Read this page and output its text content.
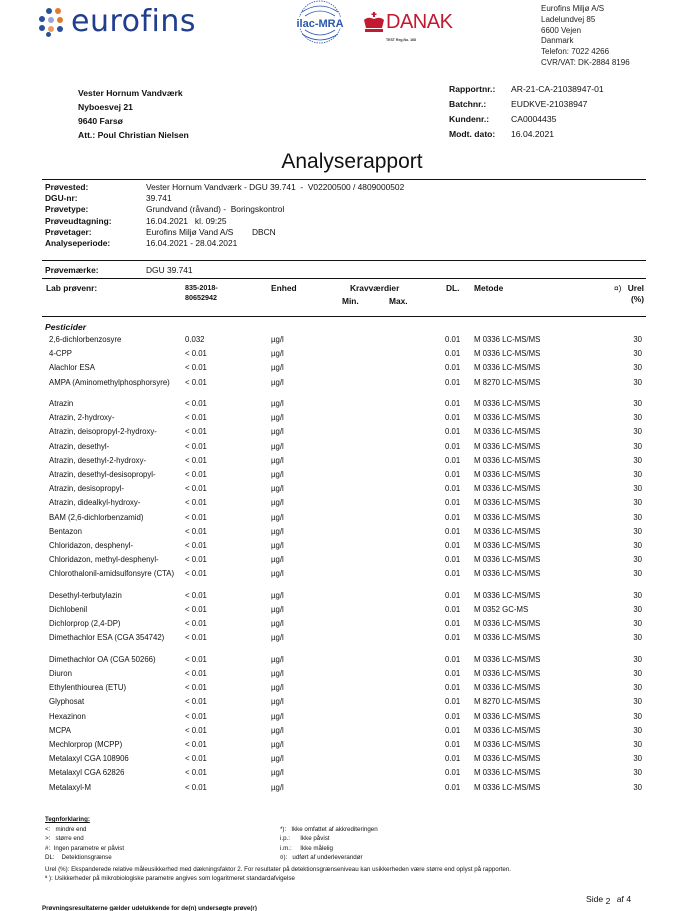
eurofins	ilac-MRA DANAK
TEST Reg.No. 168
Eurofins Miljø A/S
Ladelundvej 85
6600 Vejen
Danmark
Telefon: 7022 4266
CVR/VAT: DK-2884 8196
Vester Hornum Vandværk
Nyboesvej 21
9640 Farsø
Att.: Poul Christian Nielsen
Rapportnr.:	AR-21-CA-21038947-01
Batchnr.:	EUDKVE-21038947
Kundenr.:	CA0004435
Modt. dato:	16.04.2021
Analyserapport
Prøvested:	Vester Hornum Vandværk - DGU 39.741  -  V02200500 / 4809000502
DGU-nr:	39.741
Prøvetype:	Grundvand (råvand) -  Boringskontrol
Prøveudtagning:	16.04.2021   kl. 09:25
Prøvetager:	Eurofins Miljø Vand A/S        DBCN
Analyseperiode:	16.04.2021 - 28.04.2021
Prøvemærke:	DGU 39.741
Lab prøvenr:	835-2018-
80652942
Enhed	Kravværdier
Min.	Max.
DL. Metode	¤) Urel
(%)
Pesticider
2,6-dichlorbenzosyre	0.032	µg/l	0.01 M 0336 LC-MS/MS	30
4-CPP	< 0.01	µg/l	0.01 M 0336 LC-MS/MS	30
Alachlor ESA	< 0.01	µg/l	0.01 M 0336 LC-MS/MS	30
AMPA (Aminomethylphosphorsyre)	< 0.01	µg/l	0.01 M 8270 LC-MS/MS	30
Atrazin	< 0.01	µg/l	0.01 M 0336 LC-MS/MS	30
Atrazin, 2-hydroxy-	< 0.01	µg/l	0.01 M 0336 LC-MS/MS	30
Atrazin, deisopropyl-2-hydroxy-	< 0.01	µg/l	0.01 M 0336 LC-MS/MS	30
Atrazin, desethyl-	< 0.01	µg/l	0.01 M 0336 LC-MS/MS	30
Atrazin, desethyl-2-hydroxy-	< 0.01	µg/l	0.01 M 0336 LC-MS/MS	30
Atrazin, desethyl-desisopropyl-	< 0.01	µg/l	0.01 M 0336 LC-MS/MS	30
Atrazin, desisopropyl-	< 0.01	µg/l	0.01 M 0336 LC-MS/MS	30
Atrazin, didealkyl-hydroxy-	< 0.01	µg/l	0.01 M 0336 LC-MS/MS	30
BAM (2,6-dichlorbenzamid)	< 0.01	µg/l	0.01 M 0336 LC-MS/MS	30
Bentazon	< 0.01	µg/l	0.01 M 0336 LC-MS/MS	30
Chloridazon, desphenyl-	< 0.01	µg/l	0.01 M 0336 LC-MS/MS	30
Chloridazon, methyl-desphenyl-	< 0.01	µg/l	0.01 M 0336 LC-MS/MS	30
Chlorothalonil-amidsulfonsyre (CTA)	< 0.01	µg/l	0.01 M 0336 LC-MS/MS	30
Desethyl-terbutylazin	< 0.01	µg/l	0.01 M 0336 LC-MS/MS	30
Dichlobenil	< 0.01	µg/l	0.01 M 0352 GC-MS	30
Dichlorprop (2,4-DP)	< 0.01	µg/l	0.01 M 0336 LC-MS/MS	30
Dimethachlor ESA (CGA 354742)	< 0.01	µg/l	0.01 M 0336 LC-MS/MS	30
Dimethachlor OA (CGA 50266)	< 0.01	µg/l	0.01 M 0336 LC-MS/MS	30
Diuron	< 0.01	µg/l	0.01 M 0336 LC-MS/MS	30
Ethylenthiourea (ETU)	< 0.01	µg/l	0.01 M 0336 LC-MS/MS	30
Glyphosat	< 0.01	µg/l	0.01 M 8270 LC-MS/MS	30
Hexazinon	< 0.01	µg/l	0.01 M 0336 LC-MS/MS	30
MCPA	< 0.01	µg/l	0.01 M 0336 LC-MS/MS	30
Mechlorprop (MCPP)	< 0.01	µg/l	0.01 M 0336 LC-MS/MS	30
Metalaxyl CGA 108906	< 0.01	µg/l	0.01 M 0336 LC-MS/MS	30
Metalaxyl CGA 62826	< 0.01	µg/l	0.01 M 0336 LC-MS/MS	30
Metalaxyl-M	< 0.01	µg/l	0.01 M 0336 LC-MS/MS	30
Tegnforklaring:
<:   mindre end
>:   større end
#:  Ingen parametre er påvist
DL:    Detektionsgrænse
*):   Ikke omfattet af akkrediteringen
i.p.:      Ikke påvist
i.m.:     Ikke målelig
¤):   udført af underleverandør
Urel (%): Ekspanderede relative måleusikkerhed med dækningsfaktor 2. For resultater på detektionsgrænseniveau kan usikkerheden være større end oplyst på rapporten.
ª ): Usikkerheder på mikrobiologiske parametre angives som logaritmeret standardafvigelse
Side 2 af 4
Prøvningsresultaterne gælder udelukkende for de(n) undersøgte prøve(r)
